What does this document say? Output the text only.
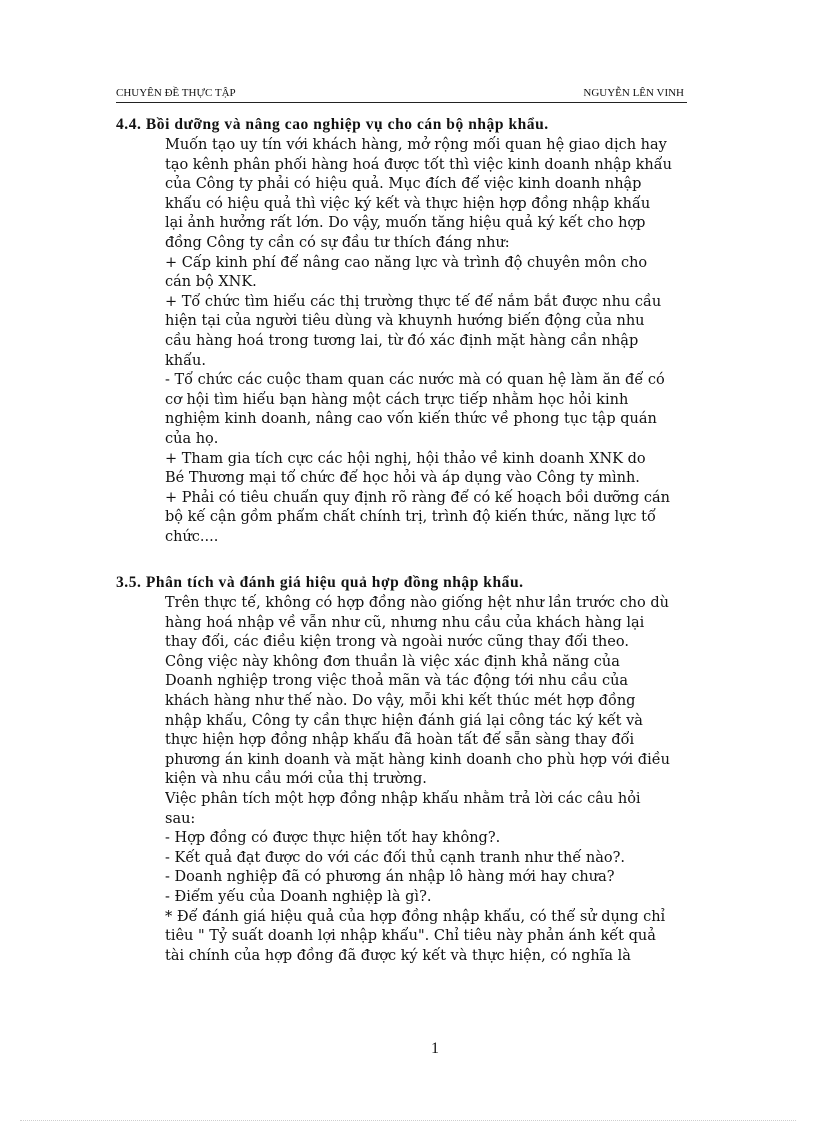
CHUYÊN ĐỀ THỰC TẬP	NGUYỄN LÊN VINH
4.4. Bồi dưỡng và nâng cao nghiệp vụ cho cán bộ nhập khẩu.
Muốn tạo uy tín với khách hàng, mở rộng mối quan hệ giao dịch hay
tạo kênh phân phối hàng hoá được tốt thì việc kinh doanh nhập khẩu
của Công ty phải có hiệu quả. Mục đích để việc kinh doanh nhập
khẩu có hiệu quả thì việc ký kết và thực hiện hợp đồng nhập khẩu
lại ảnh hưởng rất lớn. Do vậy, muốn tăng hiệu quả ký kết cho hợp
đồng Công ty cần có sự đầu tư thích đáng như:
+ Cấp kinh phí để nâng cao năng lực và trình độ chuyên môn cho
cán bộ XNK.
+ Tổ chức tìm hiểu các thị trường thực tế để nắm bắt được nhu cầu
hiện tại của người tiêu dùng và khuynh hướng biến động của nhu
cầu hàng hoá trong tương lai, từ đó xác định mặt hàng cần nhập
khẩu.
- Tổ chức các cuộc tham quan các nước mà có quan hệ làm ăn để có
cơ hội tìm hiểu bạn hàng một cách trực tiếp nhằm học hỏi kinh
nghiệm kinh doanh, nâng cao vốn kiến thức về phong tục tập quán
của họ.
+ Tham gia tích cực các hội nghị, hội thảo về kinh doanh XNK do
Bé Thương mại tổ chức để học hỏi và áp dụng vào Công ty mình.
+ Phải có tiêu chuẩn quy định rõ ràng để có kế hoạch bồi dưỡng cán
bộ kế cận gồm phẩm chất chính trị, trình độ kiến thức, năng lực tổ
chức....
3.5. Phân tích và đánh giá hiệu quả hợp đồng nhập khẩu.
Trên thực tế, không có hợp đồng nào giống hệt như lần trước cho dù
hàng hoá nhập về vẫn như cũ, nhưng nhu cầu của khách hàng lại
thay đổi, các điều kiện trong và ngoài nước cũng thay đổi theo.
Công việc này không đơn thuần là việc xác định khả năng của
Doanh nghiệp trong việc thoả mãn và tác động tới nhu cầu của
khách hàng như thế nào. Do vậy, mỗi khi kết thúc mét hợp đồng
nhập khẩu, Công ty cần thực hiện đánh giá lại công tác ký kết và
thực hiện hợp đồng nhập khẩu đã hoàn tất để sẵn sàng thay đổi
phương án kinh doanh và mặt hàng kinh doanh cho phù hợp với điều
kiện và nhu cầu mới của thị trường.
Việc phân tích một hợp đồng nhập khẩu nhằm trả lời các câu hỏi
sau:
- Hợp đồng có được thực hiện tốt hay không?.
- Kết quả đạt được do với các đối thủ cạnh tranh như thế nào?.
- Doanh nghiệp đã có phương án nhập lô hàng mới hay chưa?
- Điểm yếu của Doanh nghiệp là gì?.
* Để đánh giá hiệu quả của hợp đồng nhập khẩu, có thể sử dụng chỉ
tiêu " Tỷ suất doanh lợi nhập khẩu". Chỉ tiêu này phản ánh kết quả
tài chính của hợp đồng đã được ký kết và thực hiện, có nghĩa là
1
